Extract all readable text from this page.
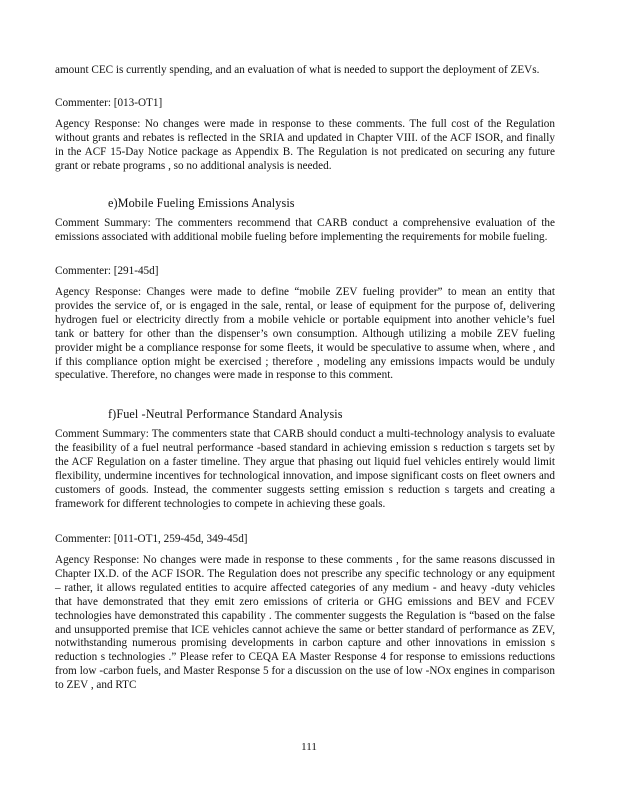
amount CEC is currently spending, and an evaluation of what is needed to support the deployment of ZEVs.

Commenter: [013-OT1]

Agency Response: No changes were made in response to these comments. The full cost of the Regulation without grants and rebates is reflected in the SRIA and updated in Chapter VIII. of the ACF ISOR, and finally in the ACF 15-Day Notice package as Appendix B. The Regulation is not predicated on securing any future grant or rebate programs , so no additional analysis is needed.

e)Mobile Fueling Emissions Analysis

Comment Summary: The commenters recommend that CARB conduct a comprehensive evaluation of the emissions associated with additional mobile fueling before implementing the requirements for mobile fueling.

Commenter: [291-45d]

Agency Response: Changes were made to define “mobile ZEV fueling provider” to mean an entity that provides the service of, or is engaged in the sale, rental, or lease of equipment for the purpose of, delivering hydrogen fuel or electricity directly from a mobile vehicle or portable equipment into another vehicle’s fuel tank or battery for other than the dispenser’s own consumption. Although utilizing a mobile ZEV fueling provider might be a compliance response for some fleets, it would be speculative to assume when, where , and if this compliance option might be exercised ; therefore , modeling any emissions impacts would be unduly speculative. Therefore, no changes were made in response to this comment.

f)Fuel -Neutral Performance Standard Analysis

Comment Summary: The commenters state that CARB should conduct a multi-technology analysis to evaluate the feasibility of a fuel neutral performance -based standard in achieving emission s reduction s targets set by the ACF Regulation on a faster timeline. They argue that phasing out liquid fuel vehicles entirely would limit flexibility, undermine incentives for technological innovation, and impose significant costs on fleet owners and customers of goods. Instead, the commenter suggests setting emission s reduction s targets and creating a framework for different technologies to compete in achieving these goals.

Commenter: [011-OT1, 259-45d, 349-45d]

Agency Response: No changes were made in response to these comments , for the same reasons discussed in Chapter IX.D. of the ACF ISOR. The Regulation does not prescribe any specific technology or any equipment – rather, it allows regulated entities to acquire affected categories of any medium - and heavy -duty vehicles that have demonstrated that they emit zero emissions of criteria or GHG emissions and BEV and FCEV technologies have demonstrated this capability . The commenter suggests the Regulation is “based on the false and unsupported premise that ICE vehicles cannot achieve the same or better standard of performance as ZEV, notwithstanding numerous promising developments in carbon capture and other innovations in emission s reduction s technologies .” Please refer to CEQA EA Master Response 4 for response to emissions reductions from low -carbon fuels, and Master Response 5 for a discussion on the use of low -NOx engines in comparison to ZEV , and RTC

111
